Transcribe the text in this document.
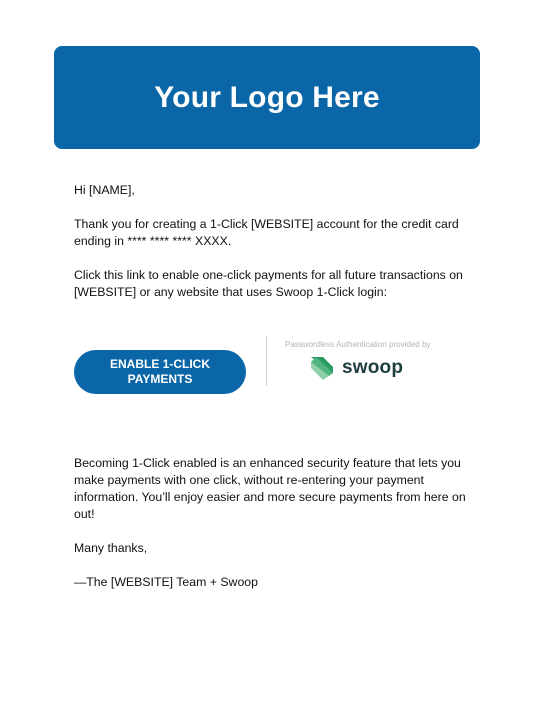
Your Logo Here

Hi [NAME],

Thank you for creating a 1-Click [WEBSITE] account for the credit card ending in **** **** **** XXXX.

Click this link to enable one-click payments for all future transactions on [WEBSITE] or any website that uses Swoop 1-Click login:

ENABLE 1-CLICK PAYMENTS
Passwordless Authentication provided by
swoop

Becoming 1-Click enabled is an enhanced security feature that lets you make payments with one click, without re-entering your payment information. You’ll enjoy easier and more secure payments from here on out!

Many thanks,

—The [WEBSITE] Team + Swoop
